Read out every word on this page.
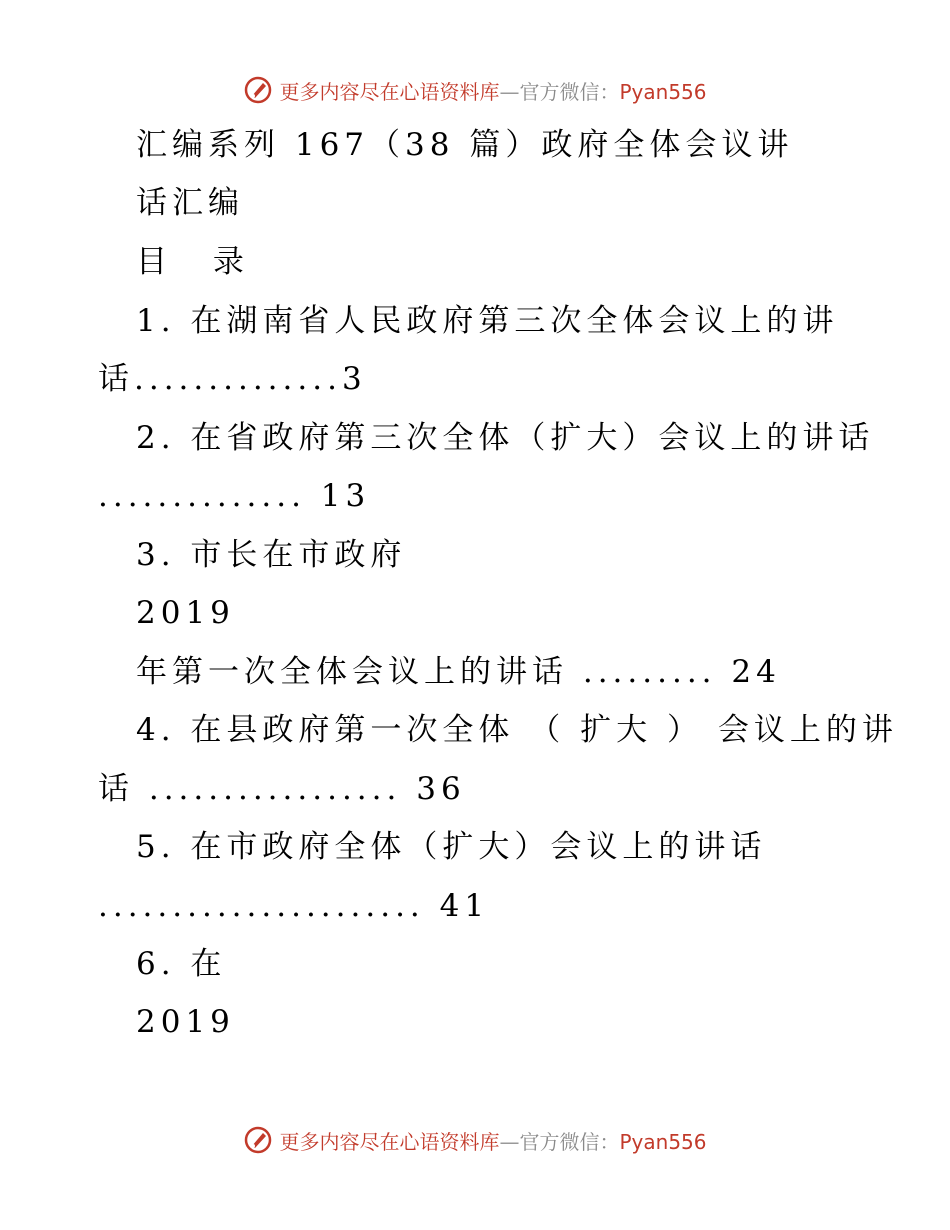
更多内容尽在心语资料库—官方微信：Pyan556
汇编系列 167（38 篇）政府全体会议讲
话汇编
目 录
1. 在湖南省人民政府第三次全体会议上的讲
话..............3
2. 在省政府第三次全体（扩大）会议上的讲话
.............. 13
3. 市长在市政府
2019
年第一次全体会议上的讲话 ......... 24
4. 在县政府第一次全体 （ 扩大 ） 会议上的讲
话 ................. 36
5. 在市政府全体（扩大）会议上的讲话
...................... 41
6. 在
2019
更多内容尽在心语资料库—官方微信：Pyan556
